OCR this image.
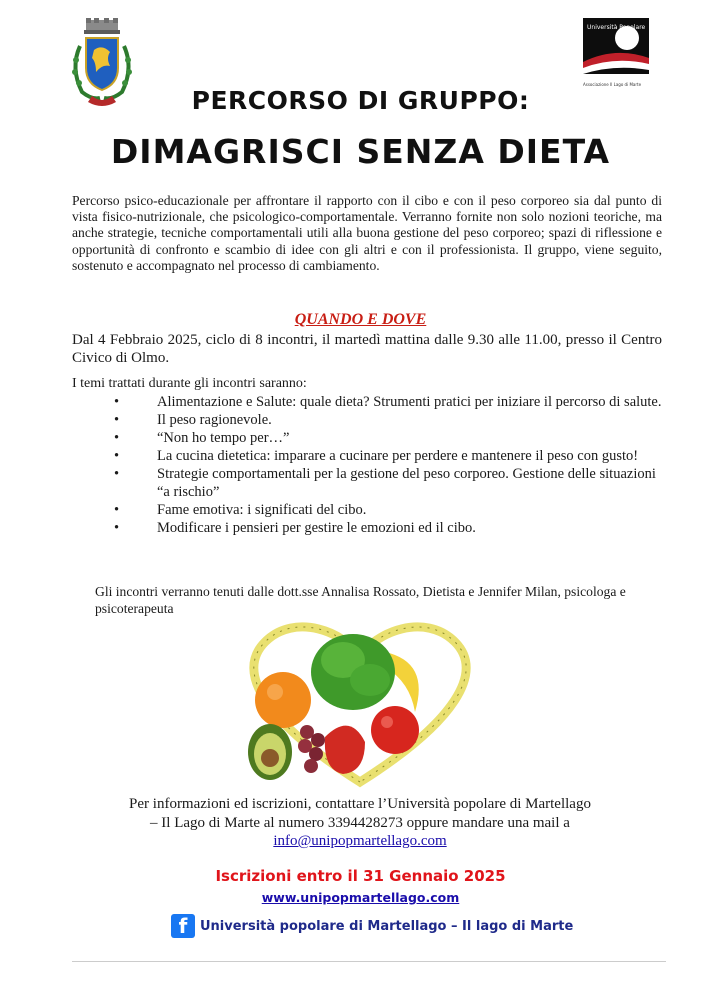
Università Popolare
Associazione Il Lago di Marte
PERCORSO DI GRUPPO:
DIMAGRISCI SENZA DIETA
Percorso psico-educazionale per affrontare il rapporto con il cibo e con il peso corporeo sia dal punto di vista fisico-nutrizionale, che psicologico-comportamentale. Verranno fornite non solo nozioni teoriche, ma anche strategie, tecniche comportamentali utili alla buona gestione del peso corporeo; spazi di riflessione e opportunità di confronto e scambio di idee con gli altri e con il professionista. Il gruppo, viene seguito, sostenuto e accompagnato nel processo di cambiamento.
QUANDO E DOVE
Dal 4 Febbraio 2025, ciclo di 8 incontri, il martedì mattina dalle 9.30 alle 11.00, presso il Centro Civico di Olmo.
I temi trattati durante gli incontri saranno:
•	Alimentazione e Salute: quale dieta? Strumenti pratici per iniziare il percorso di salute.
•	Il peso ragionevole.
•	“Non ho tempo per…”
•	La cucina dietetica: imparare a cucinare per perdere e mantenere il peso con gusto!
•	Strategie comportamentali per la gestione del peso corporeo. Gestione delle situazioni “a rischio”
•	Fame emotiva: i significati del cibo.
•	Modificare i pensieri per gestire le emozioni ed il cibo.
Gli incontri verranno tenuti dalle dott.sse Annalisa Rossato, Dietista e Jennifer Milan, psicologa e psicoterapeuta
Per informazioni ed iscrizioni, contattare l’Università popolare di Martellago
– Il Lago di Marte al numero 3394428273 oppure mandare una mail a
info@unipopmartellago.com
Iscrizioni entro il 31 Gennaio 2025
www.unipopmartellago.com
f Università popolare di Martellago – Il lago di Marte
